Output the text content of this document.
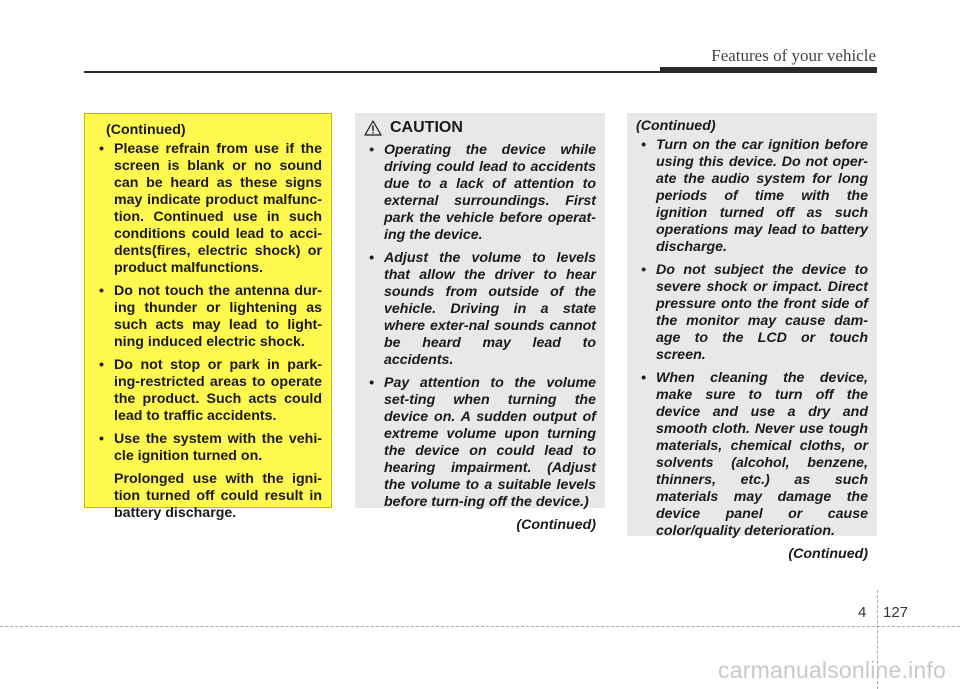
Features of your vehicle
(Continued)
• Please refrain from use if the screen is blank or no sound can be heard as these signs may indicate product malfunc-tion. Continued use in such conditions could lead to acci-dents(fires, electric shock) or product malfunctions.
• Do not touch the antenna dur-ing thunder or lightening as such acts may lead to light-ning induced electric shock.
• Do not stop or park in park-ing-restricted areas to operate the product. Such acts could lead to traffic accidents.
• Use the system with the vehi-cle ignition turned on.

Prolonged use with the igni-tion turned off could result in battery discharge.

CAUTION
• Operating the device while driving could lead to accidents due to a lack of attention to external surroundings. First park the vehicle before operat-ing the device.
• Adjust the volume to levels that allow the driver to hear sounds from outside of the vehicle. Driving in a state where exter-nal sounds cannot be heard may lead to accidents.
• Pay attention to the volume set-ting when turning the device on. A sudden output of extreme volume upon turning the device on could lead to hearing impairment. (Adjust the volume to a suitable levels before turn-ing off the device.)
(Continued)
(Continued)
• Turn on the car ignition before using this device. Do not oper-ate the audio system for long periods of time with the ignition turned off as such operations may lead to battery discharge.
• Do not subject the device to severe shock or impact. Direct pressure onto the front side of the monitor may cause dam-age to the LCD or touch screen.
• When cleaning the device, make sure to turn off the device and use a dry and smooth cloth. Never use tough materials, chemical cloths, or solvents (alcohol, benzene, thinners, etc.) as such materials may damage the device panel or cause color/quality deterioration.
(Continued)
4 127
carmanualsonline.info
